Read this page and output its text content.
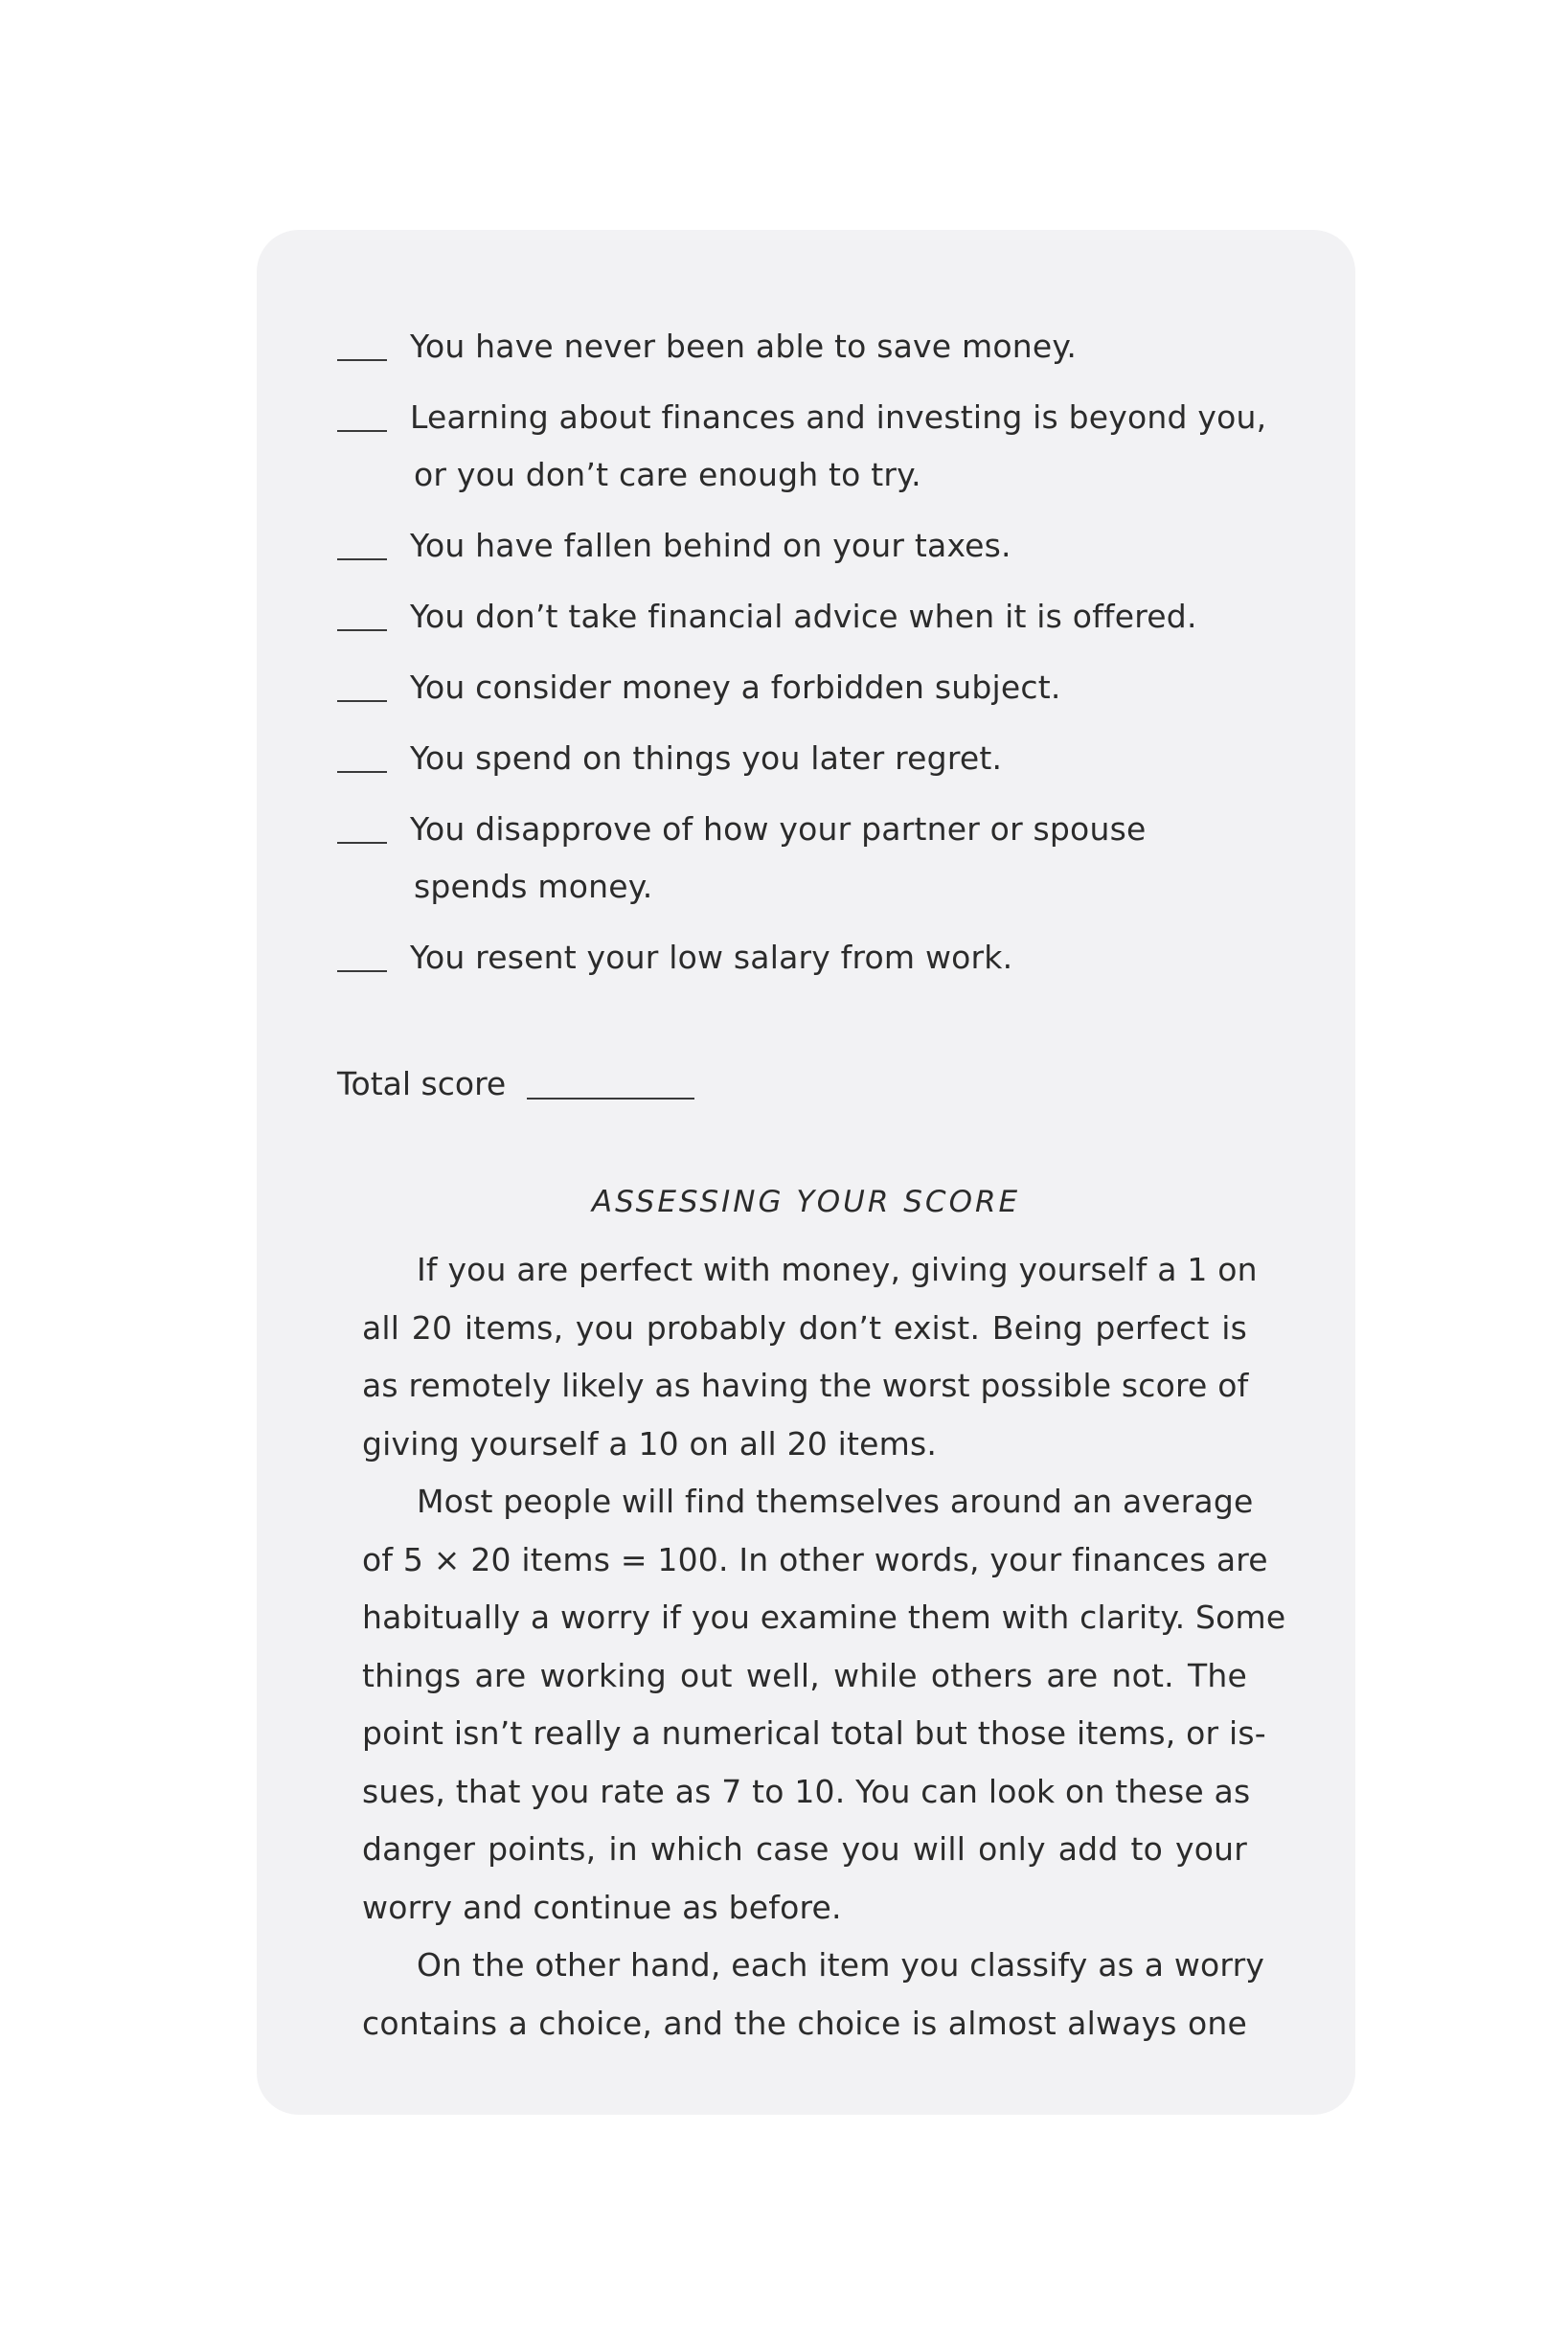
You have never been able to save money.
Learning about finances and investing is beyond you,
or you don’t care enough to try.
You have fallen behind on your taxes.
You don’t take financial advice when it is offered.
You consider money a forbidden subject.
You spend on things you later regret.
You disapprove of how your partner or spouse
spends money.
You resent your low salary from work.
Total score
ASSESSING YOUR SCORE
If you are perfect with money, giving yourself a 1 on
all 20 items, you probably don’t exist. Being perfect is
as remotely likely as having the worst possible score of
giving yourself a 10 on all 20 items.
Most people will find themselves around an average
of 5 × 20 items = 100. In other words, your finances are
habitually a worry if you examine them with clarity. Some
things are working out well, while others are not. The
point isn’t really a numerical total but those items, or is-
sues, that you rate as 7 to 10. You can look on these as
danger points, in which case you will only add to your
worry and continue as before.
On the other hand, each item you classify as a worry
contains a choice, and the choice is almost always one
